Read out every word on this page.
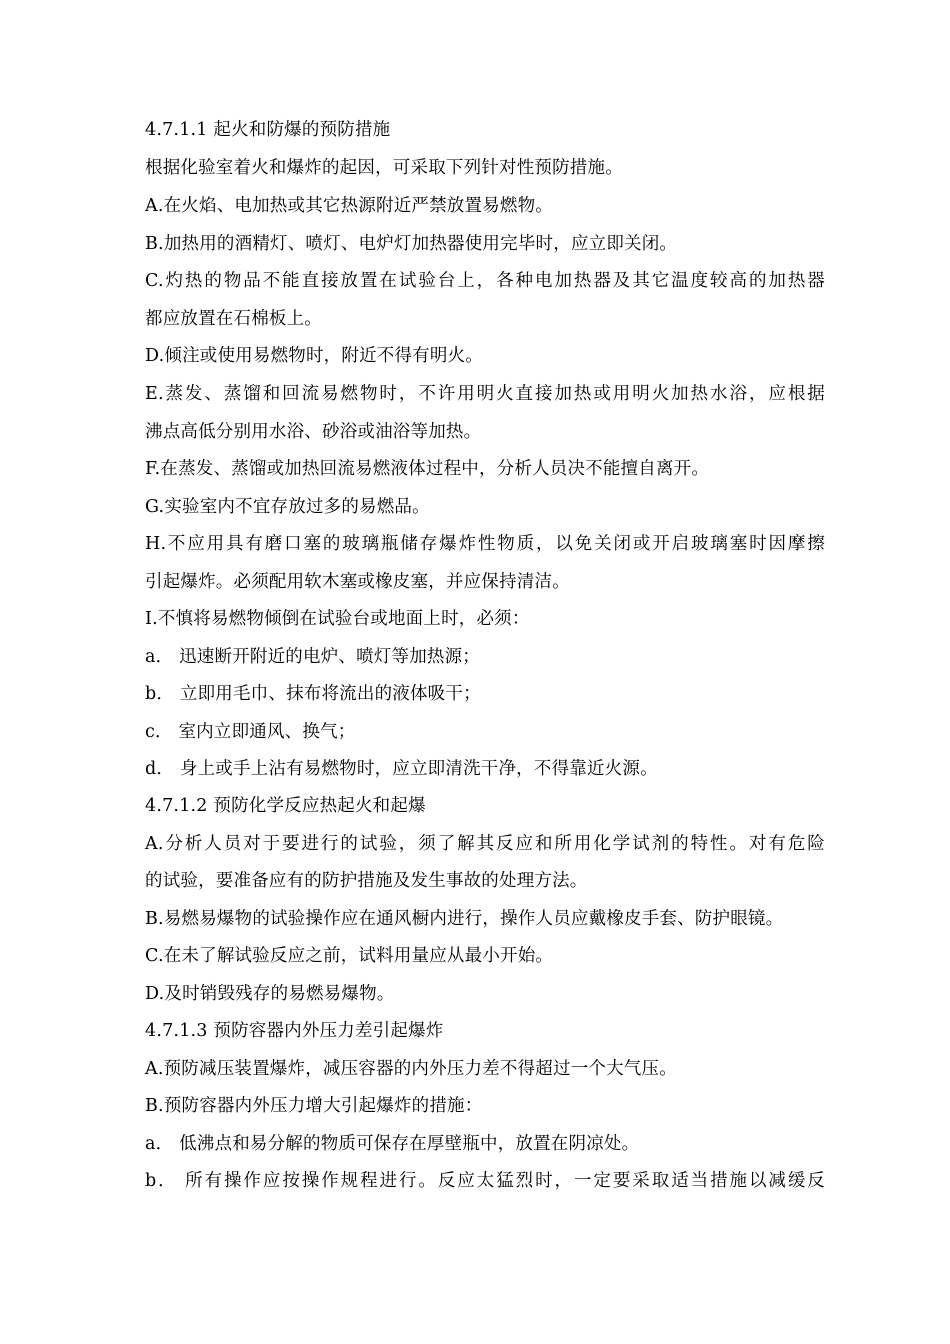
4.7.1.1 起火和防爆的预防措施
根据化验室着火和爆炸的起因，可采取下列针对性预防措施。
A.在火焰、电加热或其它热源附近严禁放置易燃物。
B.加热用的酒精灯、喷灯、电炉灯加热器使用完毕时，应立即关闭。
C.灼热的物品不能直接放置在试验台上，各种电加热器及其它温度较高的加热器
都应放置在石棉板上。
D.倾注或使用易燃物时，附近不得有明火。
E.蒸发、蒸馏和回流易燃物时，不许用明火直接加热或用明火加热水浴，应根据
沸点高低分别用水浴、砂浴或油浴等加热。
F.在蒸发、蒸馏或加热回流易燃液体过程中，分析人员决不能擅自离开。
G.实验室内不宜存放过多的易燃品。
H.不应用具有磨口塞的玻璃瓶储存爆炸性物质，以免关闭或开启玻璃塞时因摩擦
引起爆炸。必须配用软木塞或橡皮塞，并应保持清洁。
I.不慎将易燃物倾倒在试验台或地面上时，必须：
a． 迅速断开附近的电炉、喷灯等加热源；
b． 立即用毛巾、抹布将流出的液体吸干；
c． 室内立即通风、换气；
d． 身上或手上沾有易燃物时，应立即清洗干净，不得靠近火源。
4.7.1.2 预防化学反应热起火和起爆
A.分析人员对于要进行的试验，须了解其反应和所用化学试剂的特性。对有危险
的试验，要准备应有的防护措施及发生事故的处理方法。
B.易燃易爆物的试验操作应在通风橱内进行，操作人员应戴橡皮手套、防护眼镜。
C.在未了解试验反应之前，试料用量应从最小开始。
D.及时销毁残存的易燃易爆物。
4.7.1.3 预防容器内外压力差引起爆炸
A.预防减压装置爆炸，减压容器的内外压力差不得超过一个大气压。
B.预防容器内外压力增大引起爆炸的措施：
a． 低沸点和易分解的物质可保存在厚壁瓶中，放置在阴凉处。
b． 所有操作应按操作规程进行。反应太猛烈时，一定要采取适当措施以减缓反
